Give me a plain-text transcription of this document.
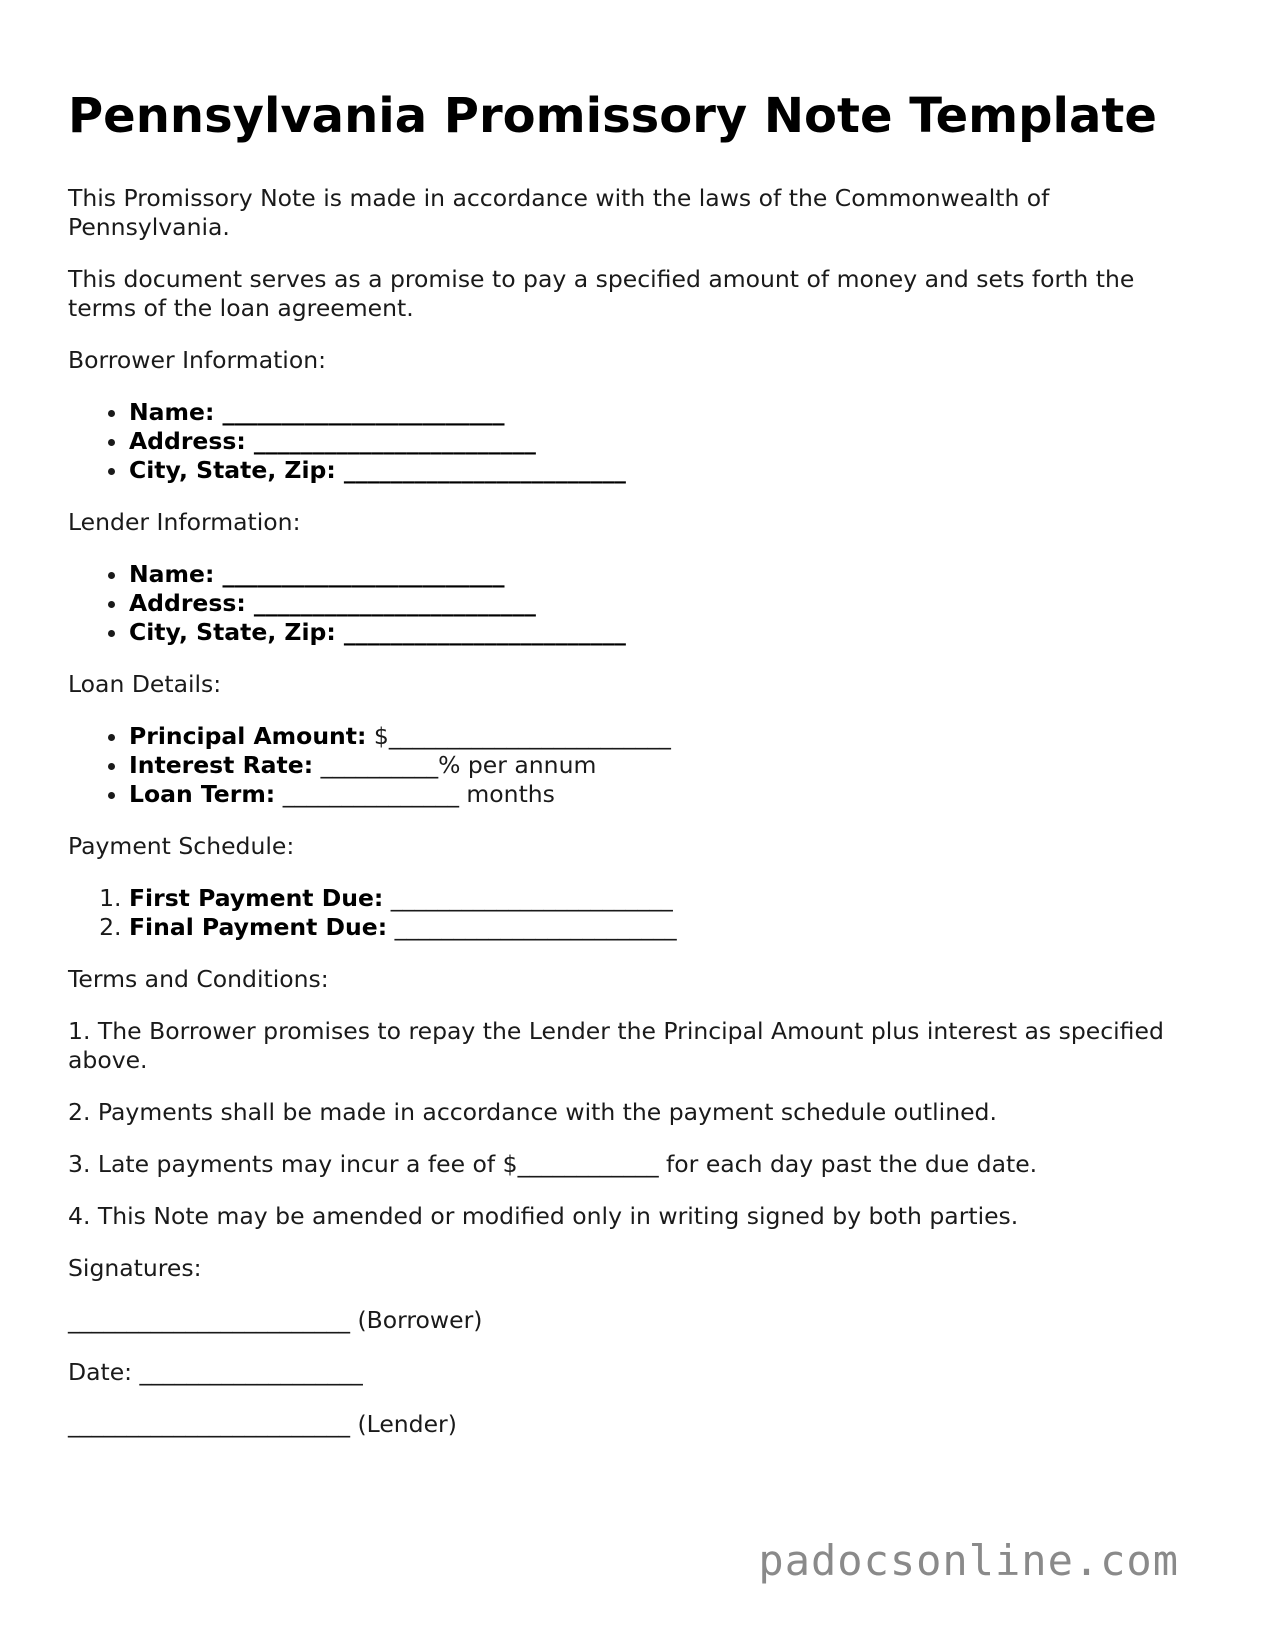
Pennsylvania Promissory Note Template

This Promissory Note is made in accordance with the laws of the Commonwealth of Pennsylvania.

This document serves as a promise to pay a specified amount of money and sets forth the terms of the loan agreement.

Borrower Information:

• Name: ________________________
• Address: ________________________
• City, State, Zip: ________________________

Lender Information:

• Name: ________________________
• Address: ________________________
• City, State, Zip: ________________________

Loan Details:

• Principal Amount: $________________________
• Interest Rate: __________% per annum
• Loan Term: _______________ months

Payment Schedule:

1. First Payment Due: ________________________
2. Final Payment Due: ________________________

Terms and Conditions:

1. The Borrower promises to repay the Lender the Principal Amount plus interest as specified above.

2. Payments shall be made in accordance with the payment schedule outlined.

3. Late payments may incur a fee of $____________ for each day past the due date.

4. This Note may be amended or modified only in writing signed by both parties.

Signatures:

________________________ (Borrower)

Date: ___________________

________________________ (Lender)

padocsonline.com
